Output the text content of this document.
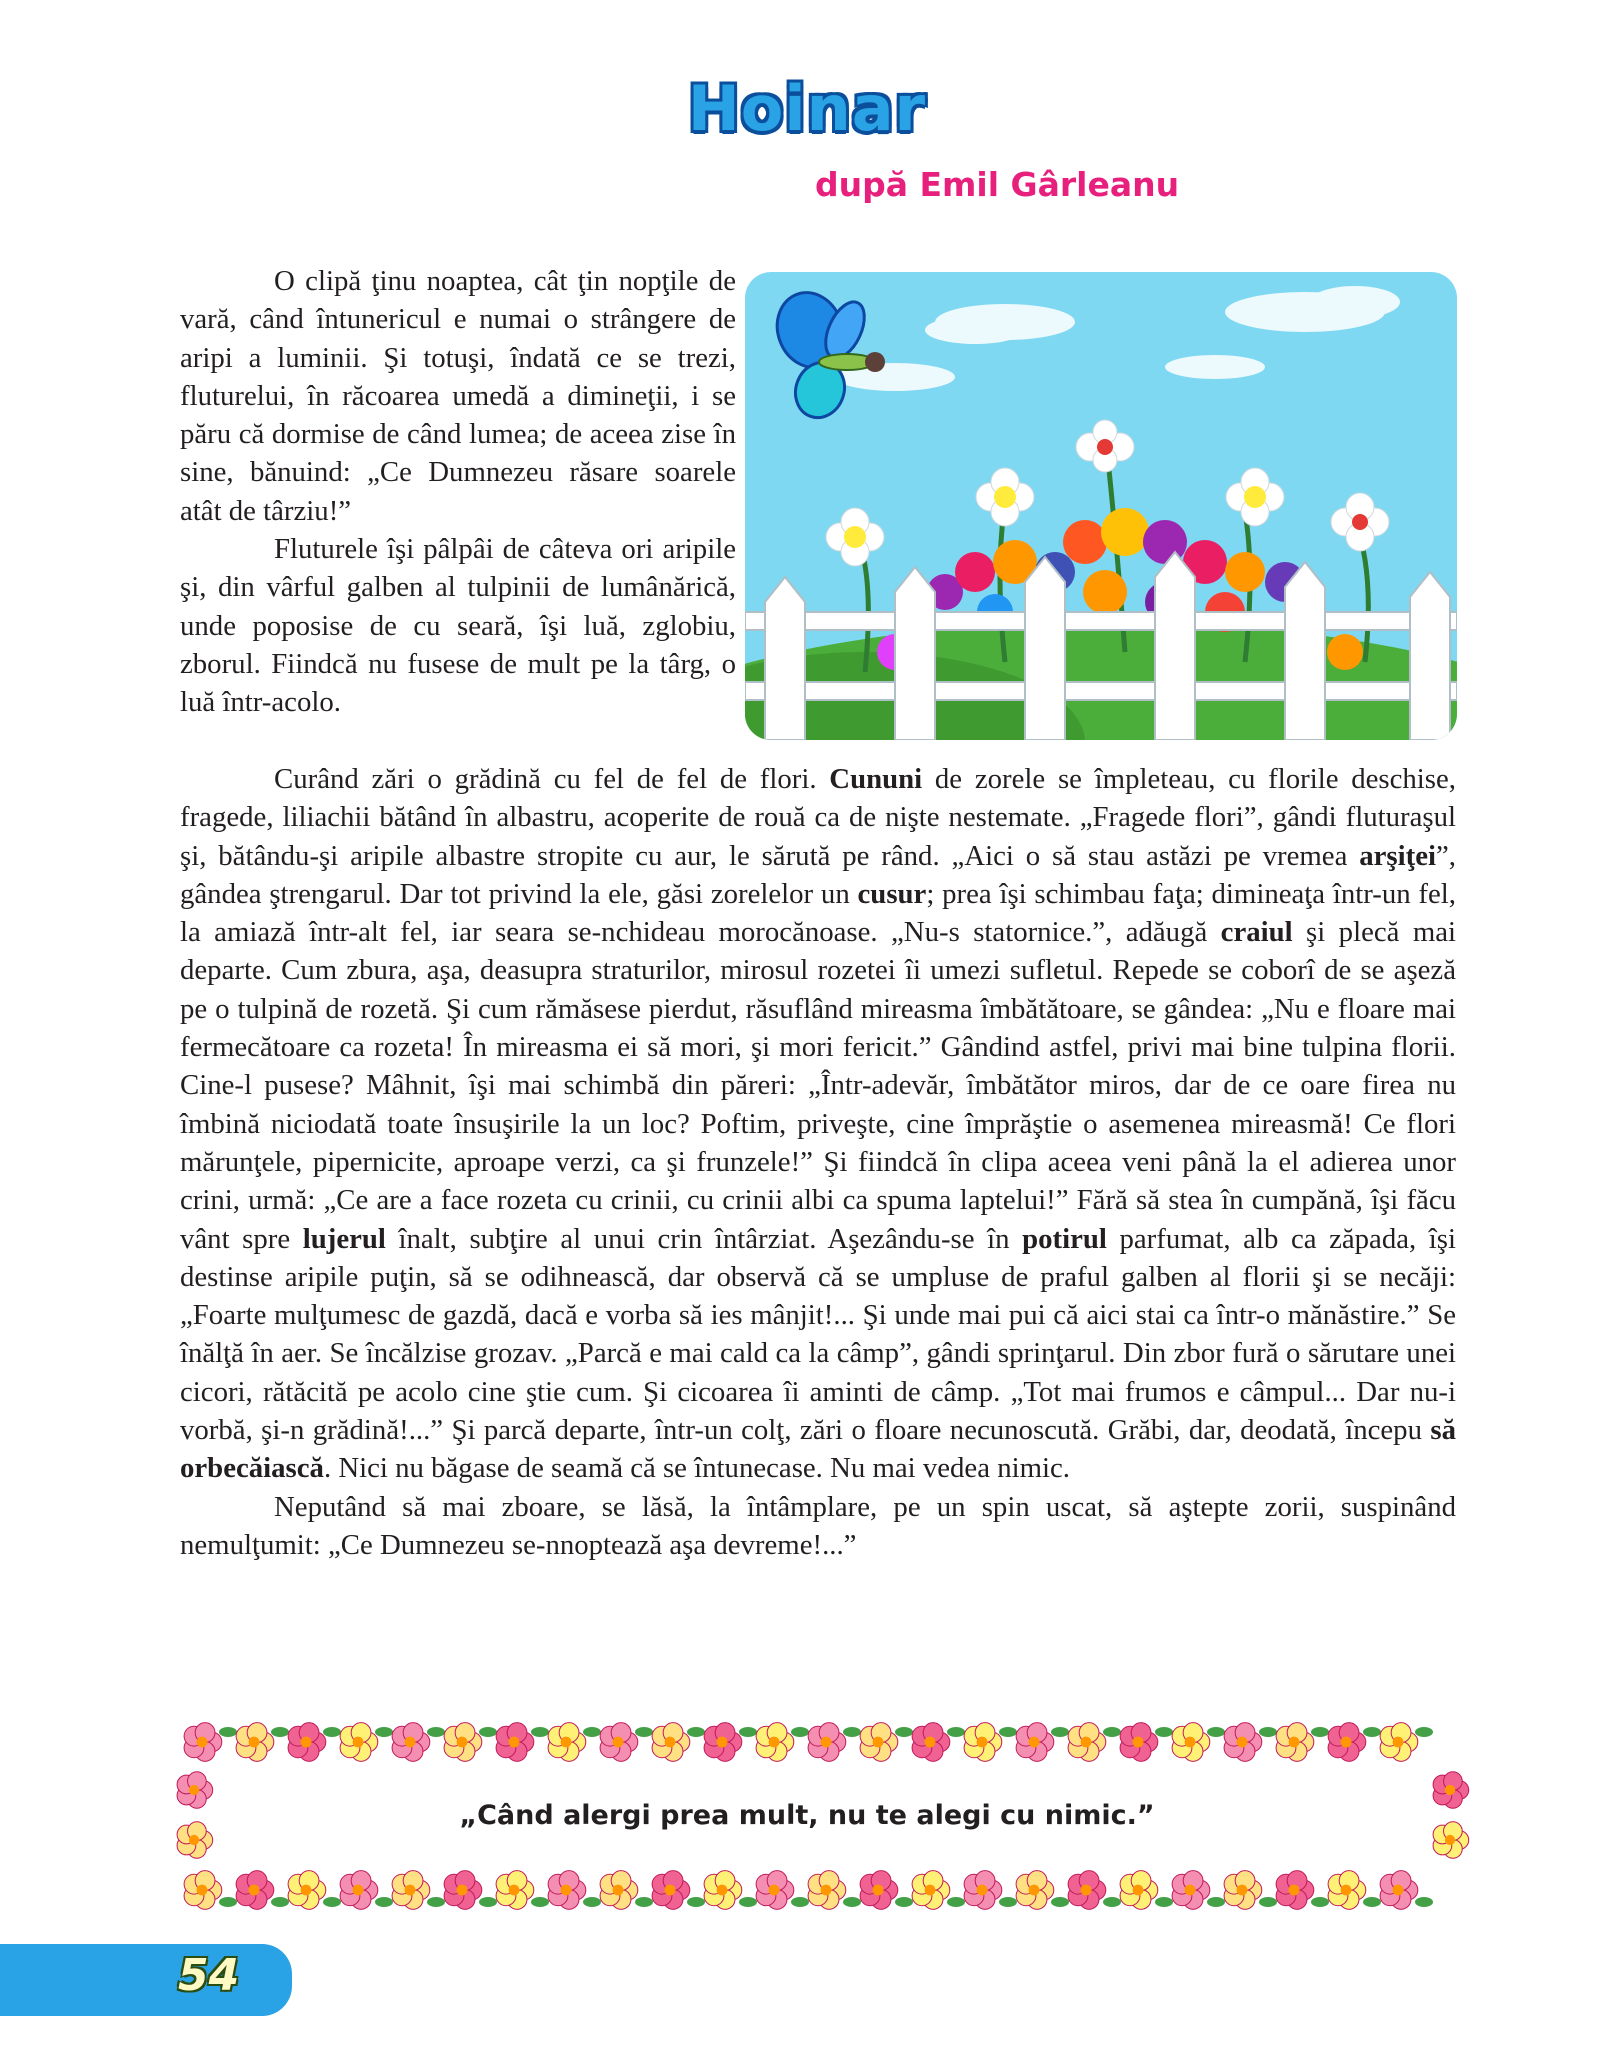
Hoinar
după Emil Gârleanu

O clipă ţinu noaptea, cât ţin nopţile de vară, când întunericul e numai o strângere de aripi a luminii. Şi totuşi, îndată ce se trezi, fluturelui, în răcoarea umedă a dimineţii, i se păru că dormise de când lumea; de aceea zise în sine, bănuind: „Ce Dumnezeu răsare soarele atât de târziu!”

Fluturele îşi pâlpâi de câteva ori aripile şi, din vârful galben al tulpinii de lumânărică, unde poposise de cu seară, îşi luă, zglobiu, zborul. Fiindcă nu fusese de mult pe la târg, o luă într-acolo.

Curând zări o grădină cu fel de fel de flori. Cununi de zorele se împleteau, cu florile deschise, fragede, liliachii bătând în albastru, acoperite de rouă ca de nişte nestemate. „Fragede flori”, gândi fluturaşul şi, bătându-şi aripile albastre stropite cu aur, le sărută pe rând. „Aici o să stau astăzi pe vremea arşiţei”, gândea ştrengarul. Dar tot privind la ele, găsi zorelelor un cusur; prea îşi schimbau faţa; dimineaţa într-un fel, la amiază într-alt fel, iar seara se-nchideau morocănoase. „Nu-s statornice.”, adăugă craiul şi plecă mai departe. Cum zbura, aşa, deasupra straturilor, mirosul rozetei îi umezi sufletul. Repede se coborî de se aşeză pe o tulpină de rozetă. Şi cum rămăsese pierdut, răsuflând mireasma îmbătătoare, se gândea: „Nu e floare mai fermecătoare ca rozeta! În mireasma ei să mori, şi mori fericit.” Gândind astfel, privi mai bine tulpina florii. Cine-l pusese? Mâhnit, îşi mai schimbă din păreri: „Într-adevăr, îmbătător miros, dar de ce oare firea nu îmbină niciodată toate însuşirile la un loc? Poftim, priveşte, cine împrăştie o asemenea mireasmă! Ce flori mărunţele, pipernicite, aproape verzi, ca şi frunzele!” Şi fiindcă în clipa aceea veni până la el adierea unor crini, urmă: „Ce are a face rozeta cu crinii, cu crinii albi ca spuma laptelui!” Fără să stea în cumpănă, îşi făcu vânt spre lujerul înalt, subţire al unui crin întârziat. Aşezându-se în potirul parfumat, alb ca zăpada, îşi destinse aripile puţin, să se odihnească, dar observă că se umpluse de praful galben al florii şi se necăji: „Foarte mulţumesc de gazdă, dacă e vorba să ies mânjit!... Şi unde mai pui că aici stai ca într-o mănăstire.” Se înălţă în aer. Se încălzise grozav. „Parcă e mai cald ca la câmp”, gândi sprinţarul. Din zbor fură o sărutare unei cicori, rătăcită pe acolo cine ştie cum. Şi cicoarea îi aminti de câmp. „Tot mai frumos e câmpul... Dar nu-i vorbă, şi-n grădină!...” Şi parcă departe, într-un colţ, zări o floare necunoscută. Grăbi, dar, deodată, începu să orbecăiască. Nici nu băgase de seamă că se întunecase. Nu mai vedea nimic.

Neputând să mai zboare, se lăsă, la întâmplare, pe un spin uscat, să aştepte zorii, suspinând nemulţumit: „Ce Dumnezeu se-nnoptează aşa devreme!...”

„Când alergi prea mult, nu te alegi cu nimic.”
54
